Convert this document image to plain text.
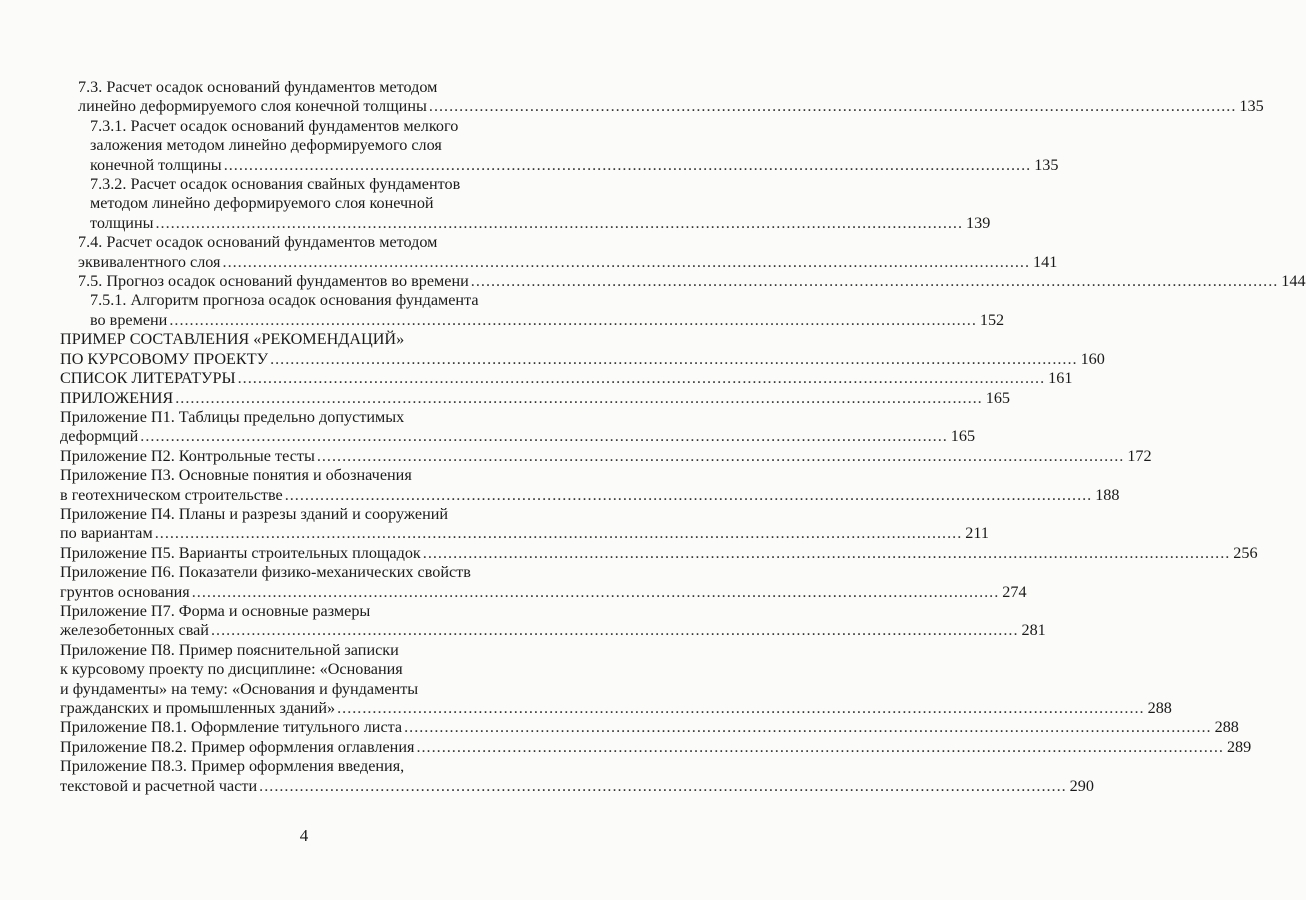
7.3. Расчет осадок оснований фундаментов методом
линейно деформируемого слоя конечной толщины ................................................................................................................................................................ 135
7.3.1. Расчет осадок оснований фундаментов мелкого
заложения методом линейно деформируемого слоя
конечной толщины ................................................................................................................................................................ 135
7.3.2. Расчет осадок основания свайных фундаментов
методом линейно деформируемого слоя конечной
толщины ................................................................................................................................................................ 139
7.4. Расчет осадок оснований фундаментов методом
эквивалентного слоя ................................................................................................................................................................ 141
7.5. Прогноз осадок оснований фундаментов во времени ................................................................................................................................................................ 144
7.5.1. Алгоритм прогноза осадок основания фундамента
во времени ................................................................................................................................................................ 152
ПРИМЕР СОСТАВЛЕНИЯ «РЕКОМЕНДАЦИЙ»
ПО КУРСОВОМУ ПРОЕКТУ ................................................................................................................................................................ 160
СПИСОК ЛИТЕРАТУРЫ ................................................................................................................................................................ 161
ПРИЛОЖЕНИЯ ................................................................................................................................................................ 165
Приложение П1. Таблицы предельно допустимых
деформций ................................................................................................................................................................ 165
Приложение П2. Контрольные тесты ................................................................................................................................................................ 172
Приложение П3. Основные понятия и обозначения
в геотехническом строительстве ................................................................................................................................................................ 188
Приложение П4. Планы и разрезы зданий и сооружений
по вариантам ................................................................................................................................................................ 211
Приложение П5. Варианты строительных площадок ................................................................................................................................................................ 256
Приложение П6. Показатели физико-механических свойств
грунтов основания ................................................................................................................................................................ 274
Приложение П7. Форма и основные размеры
железобетонных свай ................................................................................................................................................................ 281
Приложение П8. Пример пояснительной записки
к курсовому проекту по дисциплине: «Основания
и фундаменты» на тему: «Основания и фундаменты
гражданских и промышленных зданий» ................................................................................................................................................................ 288
Приложение П8.1. Оформление титульного листа ................................................................................................................................................................ 288
Приложение П8.2. Пример оформления оглавления ................................................................................................................................................................ 289
Приложение П8.3. Пример оформления введения,
текстовой и расчетной части ................................................................................................................................................................ 290
4
